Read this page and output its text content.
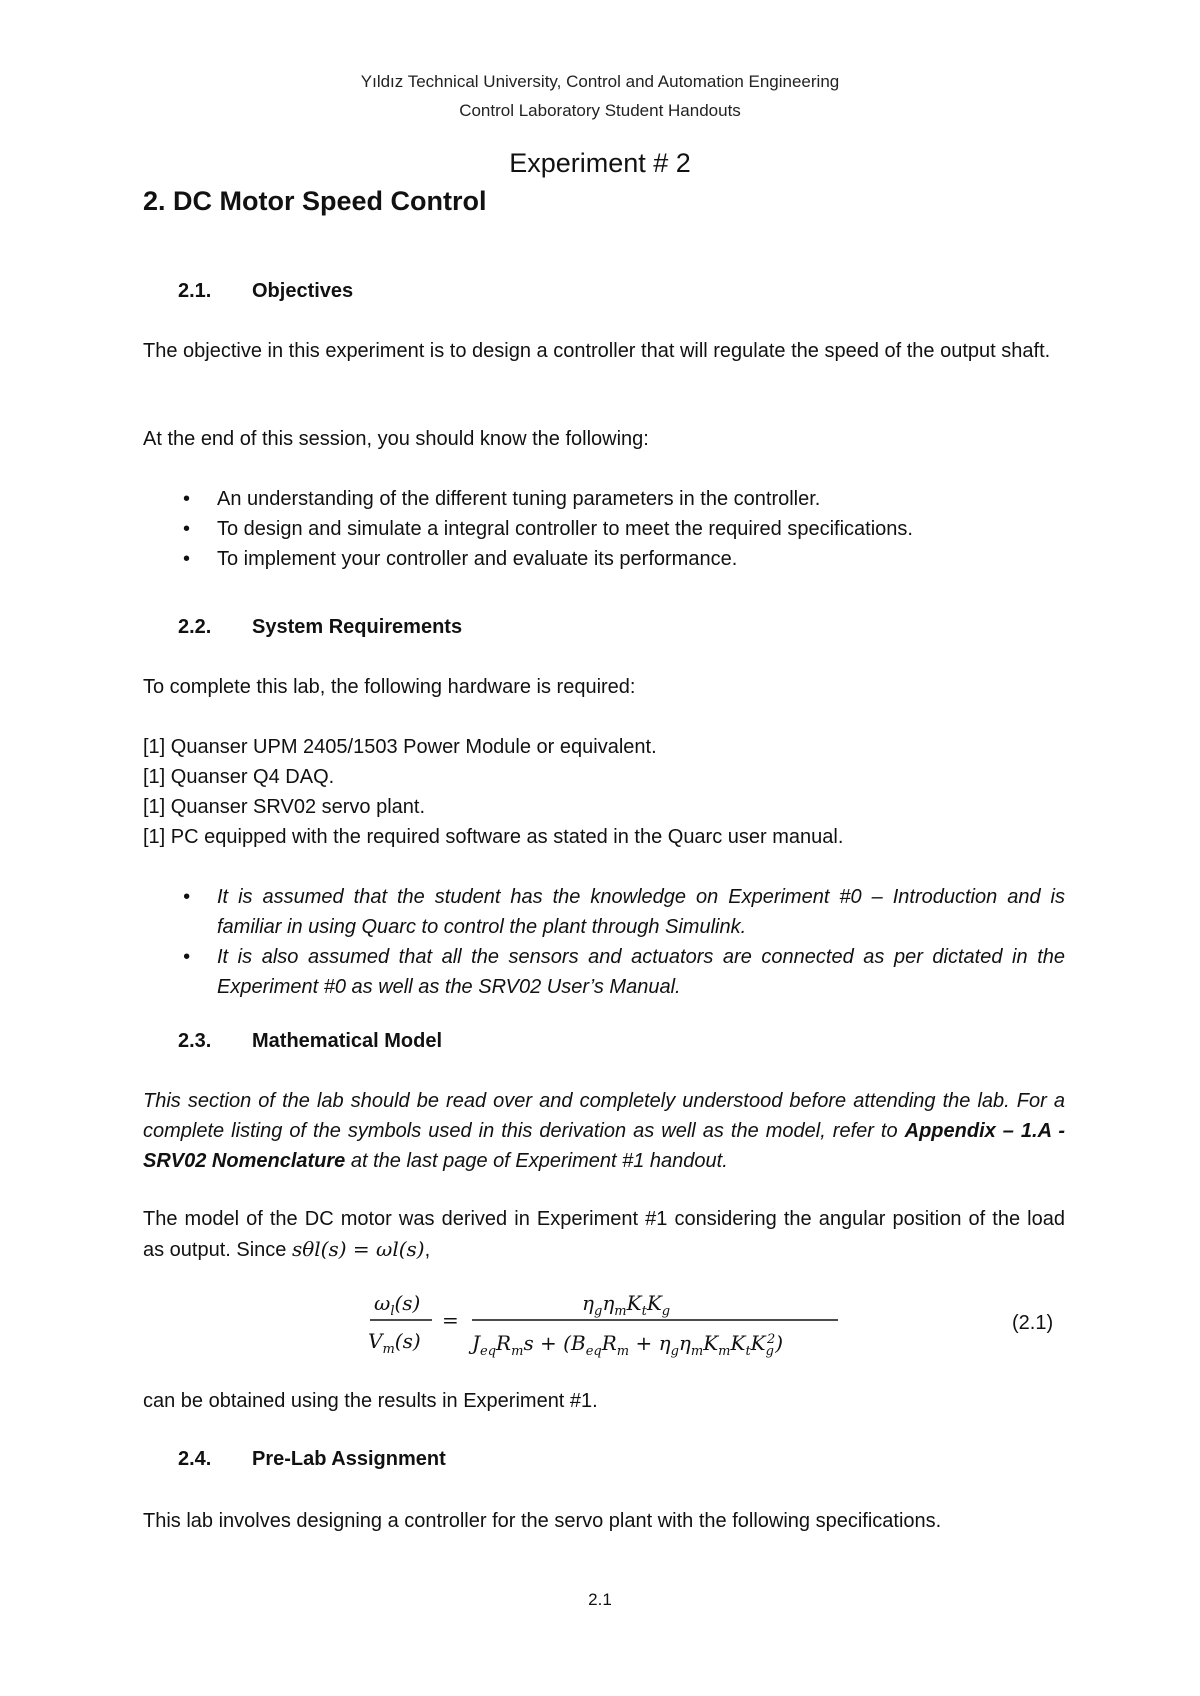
Yıldız Technical University, Control and Automation Engineering
Control Laboratory Student Handouts
Experiment # 2
2. DC Motor Speed Control
2.1. Objectives
The objective in this experiment is to design a controller that will regulate the speed of the output shaft.
At the end of this session, you should know the following:
• An understanding of the different tuning parameters in the controller.
• To design and simulate a integral controller to meet the required specifications.
• To implement your controller and evaluate its performance.
2.2. System Requirements
To complete this lab, the following hardware is required:
[1] Quanser UPM 2405/1503 Power Module or equivalent.
[1] Quanser Q4 DAQ.
[1] Quanser SRV02 servo plant.
[1] PC equipped with the required software as stated in the Quarc user manual.
• It is assumed that the student has the knowledge on Experiment #0 – Introduction and is familiar in using Quarc to control the plant through Simulink.
• It is also assumed that all the sensors and actuators are connected as per dictated in the Experiment #0 as well as the SRV02 User’s Manual.
2.3. Mathematical Model
This section of the lab should be read over and completely understood before attending the lab. For a complete listing of the symbols used in this derivation as well as the model, refer to Appendix – 1.A - SRV02 Nomenclature at the last page of Experiment #1 handout.
The model of the DC motor was derived in Experiment #1 considering the angular position of the load as output. Since sθl(s) = ωl(s),
$\omega_l(s)$
$V_m(s)$
=
$\eta_g\eta_mK_tK_g$
$J_{eq}R_ms + (B_{eq}R_m + \eta_g\eta_mK_mK_tK_g2)$
(2.1)
can be obtained using the results in Experiment #1.
2.4. Pre-Lab Assignment
This lab involves designing a controller for the servo plant with the following specifications.
2.1
